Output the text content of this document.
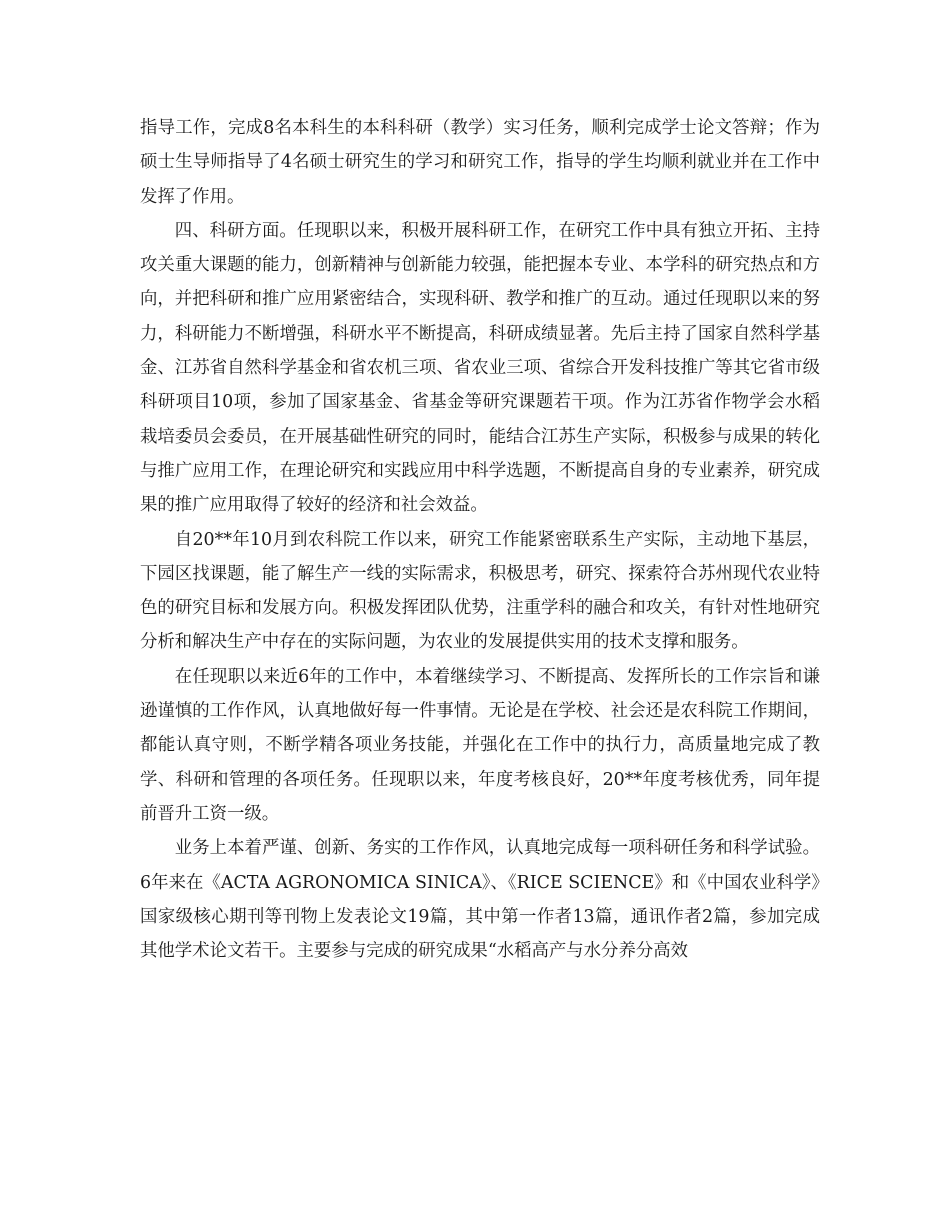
指导工作，完成8名本科生的本科科研（教学）实习任务，顺利完成学士论文答辩；作为硕士生导师指导了4名硕士研究生的学习和研究工作，指导的学生均顺利就业并在工作中发挥了作用。

四、科研方面。任现职以来，积极开展科研工作，在研究工作中具有独立开拓、主持攻关重大课题的能力，创新精神与创新能力较强，能把握本专业、本学科的研究热点和方向，并把科研和推广应用紧密结合，实现科研、教学和推广的互动。通过任现职以来的努力，科研能力不断增强，科研水平不断提高，科研成绩显著。先后主持了国家自然科学基金、江苏省自然科学基金和省农机三项、省农业三项、省综合开发科技推广等其它省市级科研项目10项，参加了国家基金、省基金等研究课题若干项。作为江苏省作物学会水稻栽培委员会委员，在开展基础性研究的同时，能结合江苏生产实际，积极参与成果的转化与推广应用工作，在理论研究和实践应用中科学选题，不断提高自身的专业素养，研究成果的推广应用取得了较好的经济和社会效益。

自20**年10月到农科院工作以来，研究工作能紧密联系生产实际，主动地下基层，下园区找课题，能了解生产一线的实际需求，积极思考，研究、探索符合苏州现代农业特色的研究目标和发展方向。积极发挥团队优势，注重学科的融合和攻关，有针对性地研究分析和解决生产中存在的实际问题，为农业的发展提供实用的技术支撑和服务。

在任现职以来近6年的工作中，本着继续学习、不断提高、发挥所长的工作宗旨和谦逊谨慎的工作作风，认真地做好每一件事情。无论是在学校、社会还是农科院工作期间，都能认真守则，不断学精各项业务技能，并强化在工作中的执行力，高质量地完成了教学、科研和管理的各项任务。任现职以来，年度考核良好，20**年度考核优秀，同年提前晋升工资一级。

业务上本着严谨、创新、务实的工作作风，认真地完成每一项科研任务和科学试验。6年来在《ACTA AGRONOMICA SINICA》、《RICE SCIENCE》和《中国农业科学》国家级核心期刊等刊物上发表论文19篇，其中第一作者13篇，通讯作者2篇，参加完成其他学术论文若干。主要参与完成的研究成果“水稻高产与水分养分高效
